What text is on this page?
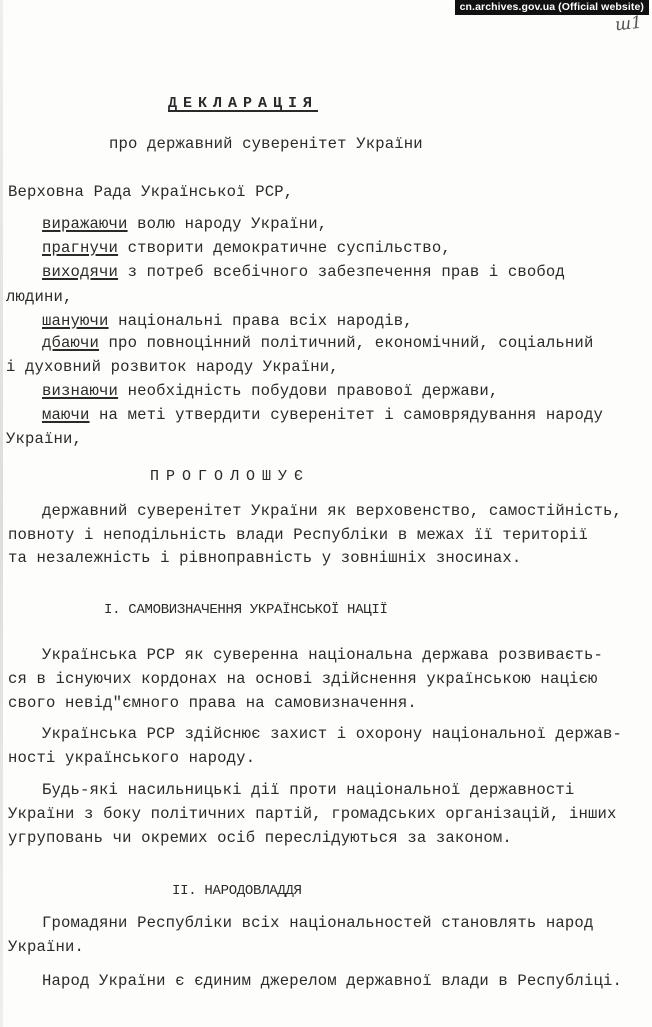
cn.archives.gov.ua (Official website)
ш1
ДЕКЛАРАЦІЯ
про державний суверенітет України
Верховна Рада Української РСР,
виражаючи волю народу України,
прагнучи створити демократичне суспільство,
виходячи з потреб всебічного забезпечення прав і свобод
людини,
шануючи національні права всіх народів,
дбаючи про повноцінний політичний, економічний, соціальний
і духовний розвиток народу України,
визнаючи необхідність побудови правової держави,
маючи на меті утвердити суверенітет і самоврядування народу
України,
ПРОГОЛОШУЄ
державний суверенітет України як верховенство, самостійність,
повноту і неподільність влади Республіки в межах її території
та незалежність і рівноправність у зовнішніх зносинах.
I. САМОВИЗНАЧЕННЯ УКРАЇНСЬКОЇ НАЦІЇ
Українська РСР як суверенна національна держава розвиваєть-
ся в існуючих кордонах на основі здійснення українською нацією
свого невід"ємного права на самовизначення.
Українська РСР здійснює захист і охорону національної держав-
ності українського народу.
Будь-які насильницькі дії проти національної державності
України з боку політичних партій, громадських організацій, інших
угруповань чи окремих осіб переслідуються за законом.
II. НАРОДОВЛАДДЯ
Громадяни Республіки всіх національностей становлять народ
України.
Народ України є єдиним джерелом державної влади в Республіці.
